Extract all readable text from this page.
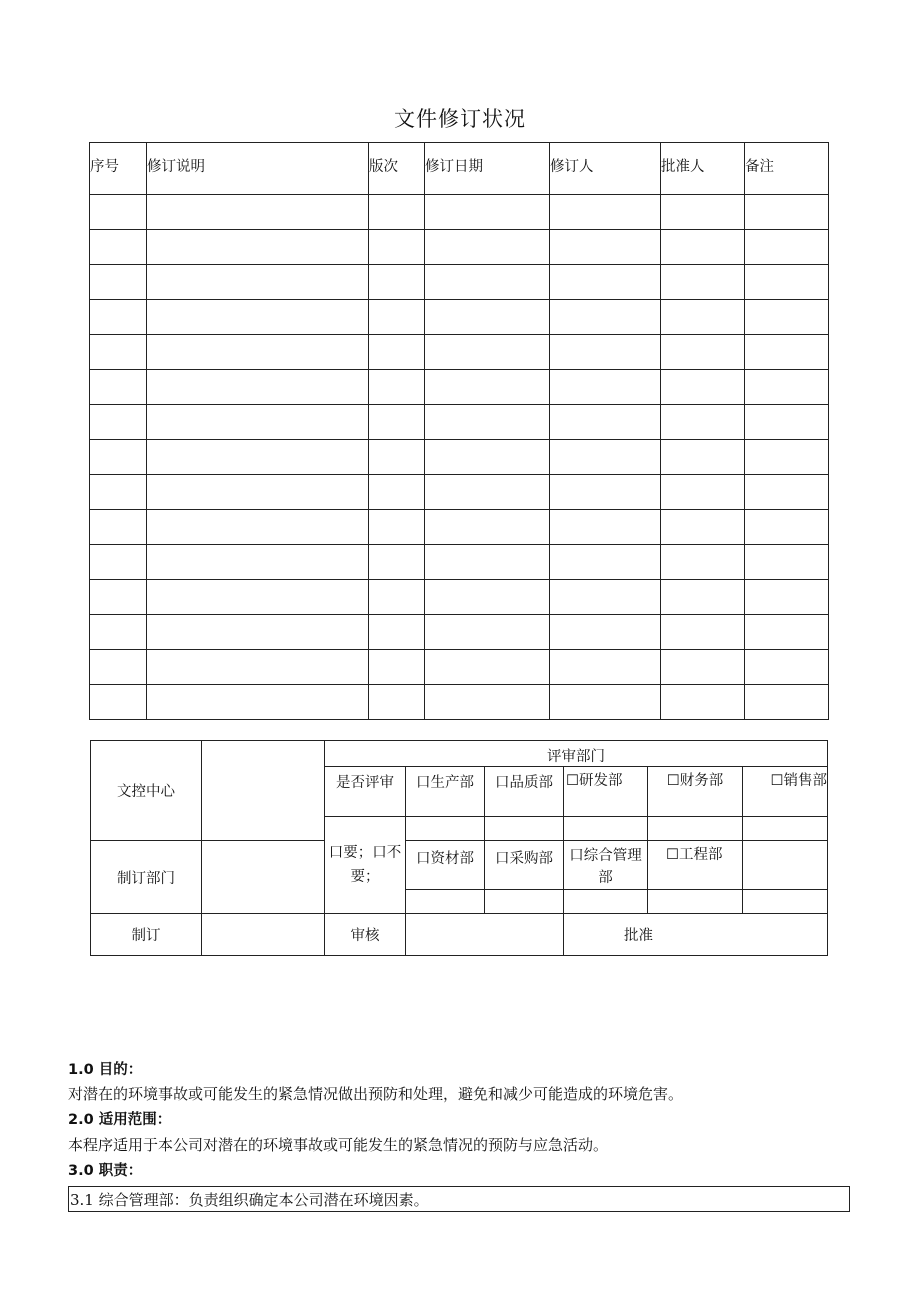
文件修订状况
序号	修订说明	版次	修订日期	修订人	批准人	备注

文控中心		评审部门					
		是否评审	口生产部	口品质部	☐研发部	☐财务部	☐销售部
		口要；口不要；					
制订部门			口资材部	口采购部	口综合管理部	☐工程部	

制订		审核			批准		
1.0 目的：
对潜在的环境事故或可能发生的紧急情况做出预防和处理，避免和减少可能造成的环境危害。
2.0 适用范围：
本程序适用于本公司对潜在的环境事故或可能发生的紧急情况的预防与应急活动。
3.0 职责：
3.1 综合管理部：负责组织确定本公司潜在环境因素。
